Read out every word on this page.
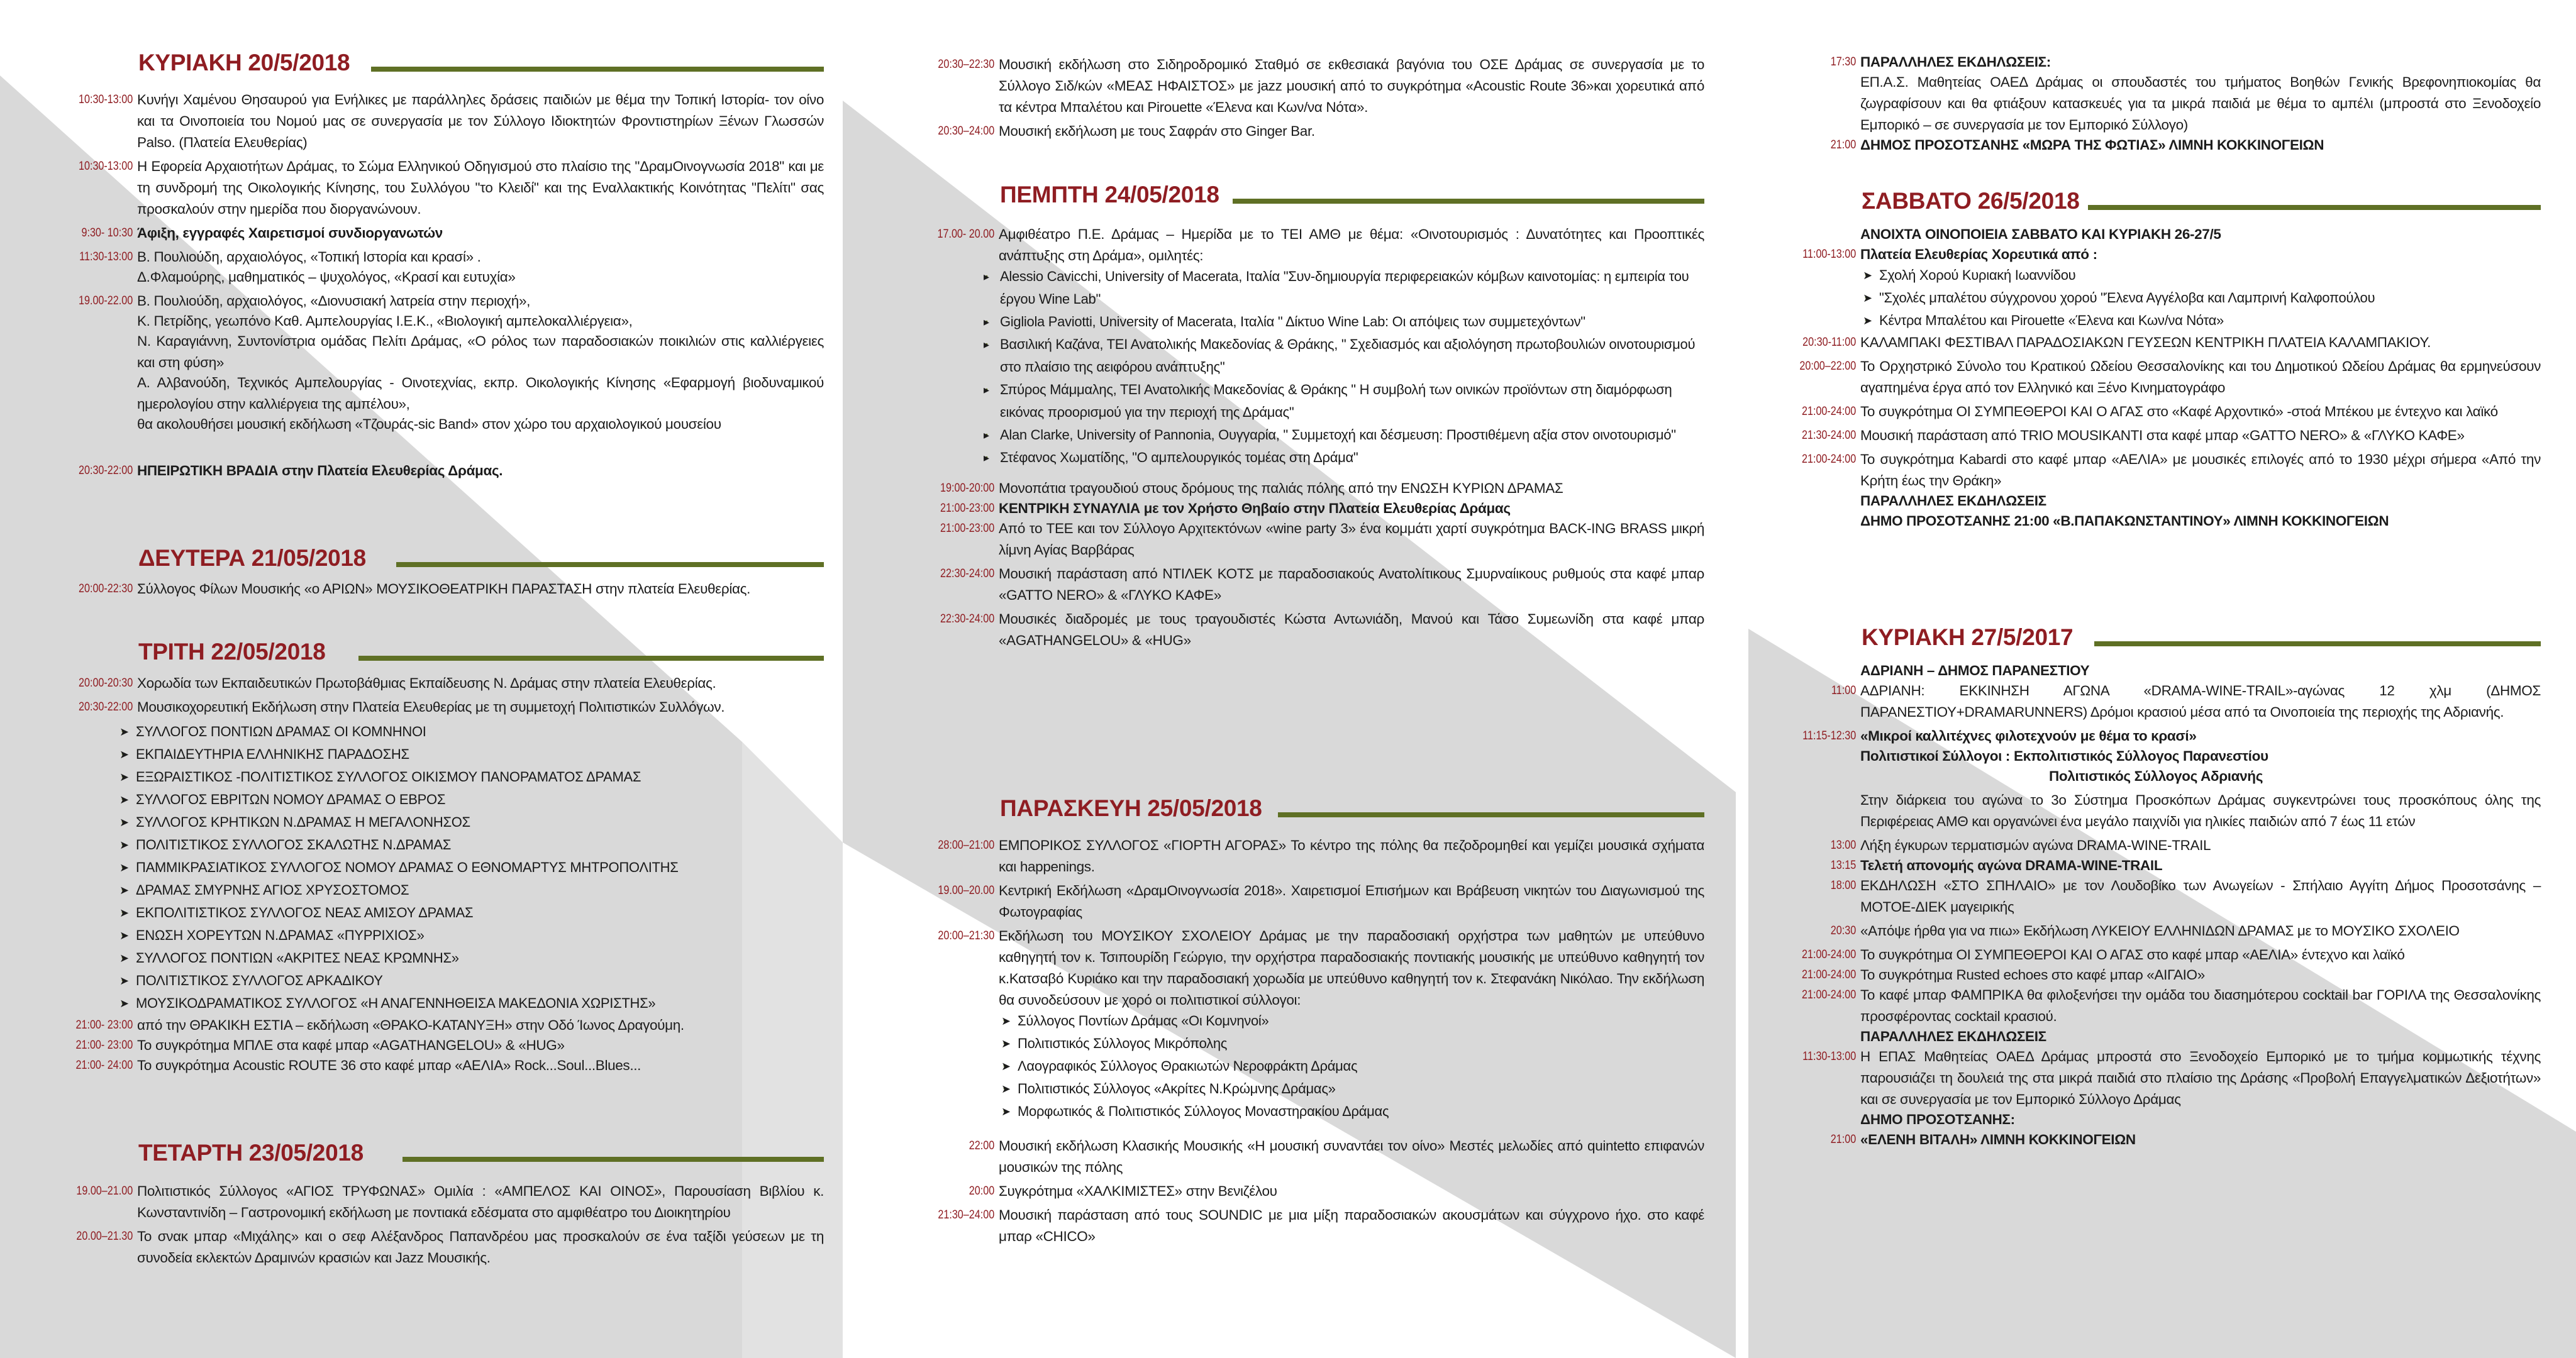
ΚΥΡΙΑΚΗ 20/5/2018
10:30-13:00 Κυνήγι Χαμένου Θησαυρού για Ενήλικες με παράλληλες δράσεις παιδιών με θέμα την Τοπική Ιστορία- τον οίνο και τα Οινοποιεία του Νομού μας σε συνεργασία με τον Σύλλογο Ιδιοκτητών Φροντιστηρίων Ξένων Γλωσσών Palso. (Πλατεία Ελευθερίας)
10:30-13:00 Η Εφορεία Αρχαιοτήτων Δράμας, το Σώμα Ελληνικού Οδηγισμού στο πλαίσιο της "ΔραμΟινογνωσία 2018" και με τη συνδρομή της Οικολογικής Κίνησης, του Συλλόγου "το Κλειδί" και της Εναλλακτικής Κοινότητας "Πελίτι" σας προσκαλούν στην ημερίδα που διοργανώνουν.
9:30- 10:30 Άφιξη, εγγραφές Χαιρετισμοί συνδιοργανωτών
11:30-13:00 Β. Πουλιούδη, αρχαιολόγος, «Τοπική Ιστορία και κρασί» .
Δ.Φλαμούρης, μαθηματικός – ψυχολόγος, «Κρασί και ευτυχία»
19.00-22.00 Β. Πουλιούδη, αρχαιολόγος, «Διονυσιακή λατρεία στην περιοχή»,
Κ. Πετρίδης, γεωπόνο Καθ. Αμπελουργίας Ι.Ε.Κ., «Βιολογική αμπελοκαλλιέργεια»,
Ν. Καραγιάννη, Συντονίστρια ομάδας Πελίτι Δράμας, «Ο ρόλος των παραδοσιακών ποικιλιών στις καλλιέργειες και στη φύση»
Α. Αλβανούδη, Τεχνικός Αμπελουργίας - Οινοτεχνίας, εκπρ. Οικολογικής Κίνησης «Εφαρμογή βιοδυναμικού ημερολογίου στην καλλιέργεια της αμπέλου»,
θα ακολουθήσει μουσική εκδήλωση «Τζουράς-sic Band» στον χώρο του αρχαιολογικού μουσείου
20:30-22:00 ΗΠΕΙΡΩΤΙΚΗ ΒΡΑΔΙΑ στην Πλατεία Ελευθερίας Δράμας.
ΔΕΥΤΕΡΑ 21/05/2018
20:00-22:30 Σύλλογος Φίλων Μουσικής «ο ΑΡΙΩΝ» ΜΟΥΣΙΚΟΘΕΑΤΡΙΚΗ ΠΑΡΑΣΤΑΣΗ στην πλατεία Ελευθερίας.
ΤΡΙΤΗ 22/05/2018
20:00-20:30 Χορωδία των Εκπαιδευτικών Πρωτοβάθμιας Εκπαίδευσης Ν. Δράμας στην πλατεία Ελευθερίας.
20:30-22:00 Μουσικοχορευτική Εκδήλωση στην Πλατεία Ελευθερίας με τη συμμετοχή Πολιτιστικών Συλλόγων.
⸱ ➤ ΣΥΛΛΟΓΟΣ ΠΟΝΤΙΩΝ ΔΡΑΜΑΣ ΟΙ ΚΟΜΝΗΝΟΙ
⸱ ➤ ΕΚΠΑΙΔΕΥΤΗΡΙΑ ΕΛΛΗΝΙΚΗΣ ΠΑΡΑΔΟΣΗΣ
⸱ ➤ ΕΞΩΡΑΙΣΤΙΚΟΣ -ΠΟΛΙΤΙΣΤΙΚΟΣ ΣΥΛΛΟΓΟΣ ΟΙΚΙΣΜΟΥ ΠΑΝΟΡΑΜΑΤΟΣ ΔΡΑΜΑΣ
⸱ ➤ ΣΥΛΛΟΓΟΣ ΕΒΡΙΤΩΝ ΝΟΜΟΥ ΔΡΑΜΑΣ Ο ΕΒΡΟΣ
⸱ ➤ ΣΥΛΛΟΓΟΣ ΚΡΗΤΙΚΩΝ Ν.ΔΡΑΜΑΣ Η ΜΕΓΑΛΟΝΗΣΟΣ
⸱ ➤ ΠΟΛΙΤΙΣΤΙΚΟΣ ΣΥΛΛΟΓΟΣ ΣΚΑΛΩΤΗΣ Ν.ΔΡΑΜΑΣ
⸱ ➤ ΠΑΜΜΙΚΡΑΣΙΑΤΙΚΟΣ ΣΥΛΛΟΓΟΣ ΝΟΜΟΥ ΔΡΑΜΑΣ Ο ΕΘΝΟΜΑΡΤΥΣ ΜΗΤΡΟΠΟΛΙΤΗΣ
⸱ ➤ ΔΡΑΜΑΣ ΣΜΥΡΝΗΣ ΑΓΙΟΣ ΧΡΥΣΟΣΤΟΜΟΣ
⸱ ➤ ΕΚΠΟΛΙΤΙΣΤΙΚΟΣ ΣΥΛΛΟΓΟΣ ΝΕΑΣ ΑΜΙΣΟΥ ΔΡΑΜΑΣ
⸱ ➤ ΕΝΩΣΗ ΧΟΡΕΥΤΩΝ Ν.ΔΡΑΜΑΣ «ΠΥΡΡΙΧΙΟΣ»
⸱ ➤ ΣΥΛΛΟΓΟΣ ΠΟΝΤΙΩΝ «ΑΚΡΙΤΕΣ ΝΕΑΣ ΚΡΩΜΝΗΣ»
⸱ ➤ ΠΟΛΙΤΙΣΤΙΚΟΣ ΣΥΛΛΟΓΟΣ ΑΡΚΑΔΙΚΟΥ
⸱ ➤ ΜΟΥΣΙΚΟΔΡΑΜΑΤΙΚΟΣ ΣΥΛΛΟΓΟΣ «Η ΑΝΑΓΕΝΝΗΘΕΙΣΑ ΜΑΚΕΔΟΝΙΑ ΧΩΡΙΣΤΗΣ»
21:00- 23:00 από την ΘΡΑΚΙΚΗ ΕΣΤΙΑ – εκδήλωση «ΘΡΑΚΟ-ΚΑΤΑΝΥΞΗ» στην Οδό Ίωνος Δραγούμη.
21:00- 23:00 Το συγκρότημα ΜΠΛΕ στα καφέ μπαρ «AGATHANGELOU» & «HUG»
21:00- 24:00 Το συγκρότημα Acoustic ROUTE 36 στο καφέ μπαρ «ΑΕΛΙΑ» Rock...Soul...Blues...
ΤΕΤΑΡΤΗ 23/05/2018
19.00–21.00 Πολιτιστικός Σύλλογος «ΑΓΙΟΣ ΤΡΥΦΩΝΑΣ» Ομιλία : «ΑΜΠΕΛΟΣ ΚΑΙ ΟΙΝΟΣ», Παρουσίαση Βιβλίου κ. Κωνσταντινίδη – Γαστρονομική εκδήλωση με ποντιακά εδέσματα στο αμφιθέατρο του Διοικητηρίου
20.00–21.30 Το σνακ μπαρ «Μιχάλης» και ο σεφ Αλέξανδρος Παπανδρέου μας προσκαλούν σε ένα ταξίδι γεύσεων με τη συνοδεία εκλεκτών Δραμινών κρασιών και Jazz Μουσικής.
20:30–22:30 Μουσική εκδήλωση στο Σιδηροδρομικό Σταθμό σε εκθεσιακά βαγόνια του ΟΣΕ Δράμας σε συνεργασία με το Σύλλογο Σιδ/κών «ΜΕΑΣ ΗΦΑΙΣΤΟΣ» με jazz μουσική από το συγκρότημα «Acoustic Route 36»και χορευτικά από τα κέντρα Μπαλέτου και Pirouette «Έλενα και Κων/να Νότα».
20:30–24:00 Μουσική εκδήλωση με τους Σαφράν στο Ginger Bar.
ΠΕΜΠΤΗ 24/05/2018
17.00- 20.00 Αμφιθέατρο Π.Ε. Δράμας – Ημερίδα με το ΤΕΙ ΑΜΘ με θέμα: «Οινοτουρισμός : Δυνατότητες και Προοπτικές ανάπτυξης στη Δράμα», ομιλητές:
⸱ ▸ Alessio Cavicchi, University of Macerata, Ιταλία "Συν-δημιουργία περιφερειακών κόμβων καινοτομίας: η εμπειρία του έργου Wine Lab"
⸱ ▸ Gigliola Paviotti, University of Macerata, Ιταλία " Δίκτυο Wine Lab: Οι απόψεις των συμμετεχόντων"
⸱ ▸ Βασιλική Καζάνα, ΤΕΙ Ανατολικής Μακεδονίας & Θράκης, " Σχεδιασμός και αξιολόγηση πρωτοβουλιών οινοτουρισμού στο πλαίσιο της αειφόρου ανάπτυξης"
⸱ ▸ Σπύρος Μάμμαλης, ΤΕΙ Ανατολικής Μακεδονίας & Θράκης " Η συμβολή των οινικών προϊόντων στη διαμόρφωση εικόνας προορισμού για την περιοχή της Δράμας"
⸱ ▸ Alan Clarke, University of Pannonia, Ουγγαρία, " Συμμετοχή και δέσμευση: Προστιθέμενη αξία στον οινοτουρισμό"
⸱ ▸ Στέφανος Χωματίδης, "Ο αμπελουργικός τομέας στη Δράμα"
19:00-20:00 Μονοπάτια τραγουδιού στους δρόμους της παλιάς πόλης από την ΕΝΩΣΗ ΚΥΡΙΩΝ ΔΡΑΜΑΣ
21:00-23:00 ΚΕΝΤΡΙΚΗ ΣΥΝΑΥΛΙΑ με τον Χρήστο Θηβαίο στην Πλατεία Ελευθερίας Δράμας
21:00-23:00 Από το ΤΕΕ και τον Σύλλογο Αρχιτεκτόνων «wine party 3» ένα κομμάτι χαρτί συγκρότημα BACK-ING BRASS μικρή λίμνη Αγίας Βαρβάρας
22:30-24:00 Μουσική παράσταση από ΝΤΙΛΕΚ ΚΟΤΣ με παραδοσιακούς Ανατολίτικους Σμυρναίικους ρυθμούς στα καφέ μπαρ «GATTO NERO» & «ΓΛΥΚΟ ΚΑΦΕ»
22:30-24:00 Μουσικές διαδρομές με τους τραγουδιστές Κώστα Αντωνιάδη, Μανού και Τάσο Συμεωνίδη στα καφέ μπαρ «AGATHANGELOU» & «HUG»
ΠΑΡΑΣΚΕΥΗ 25/05/2018
28:00–21:00 ΕΜΠΟΡΙΚΟΣ ΣΥΛΛΟΓΟΣ «ΓΙΟΡΤΗ ΑΓΟΡΑΣ» Το κέντρο της πόλης θα πεζοδρομηθεί και γεμίζει μουσικά σχήματα και happenings.
19.00–20.00 Κεντρική Εκδήλωση «ΔραμΟινογνωσία 2018». Χαιρετισμοί Επισήμων και Βράβευση νικητών του Διαγωνισμού της Φωτογραφίας
20:00–21:30 Εκδήλωση του ΜΟΥΣΙΚΟΥ ΣΧΟΛΕΙΟΥ Δράμας με την παραδοσιακή ορχήστρα των μαθητών με υπεύθυνο καθηγητή τον κ. Τσιπουρίδη Γεώργιο, την ορχήστρα παραδοσιακής ποντιακής μουσικής με υπεύθυνο καθηγητή τον κ.Κατσαβό Κυριάκο και την παραδοσιακή χορωδία με υπεύθυνο καθηγητή τον κ. Στεφανάκη Νικόλαο. Την εκδήλωση θα συνοδεύσουν με χορό οι πολιτιστικοί σύλλογοι:
⸱ ➤ Σύλλογος Ποντίων Δράμας «Οι Κομνηνοί»
⸱ ➤ Πολιτιστικός Σύλλογος Μικρόπολης
⸱ ➤ Λαογραφικός Σύλλογος Θρακιωτών Νεροφράκτη Δράμας
⸱ ➤ Πολιτιστικός Σύλλογος «Ακρίτες Ν.Κρώμνης Δράμας»
⸱ ➤ Μορφωτικός & Πολιτιστικός Σύλλογος Μοναστηρακίου Δράμας
22:00 Μουσική εκδήλωση Κλασικής Μουσικής «Η μουσική συναντάει τον οίνο» Μεστές μελωδίες από quintetto επιφανών μουσικών της πόλης
20:00 Συγκρότημα «ΧΑΛΚΙΜΙΣΤΕΣ» στην Βενιζέλου
21:30–24:00 Μουσική παράσταση από τους SOUNDIC με μια μίξη παραδοσιακών ακουσμάτων και σύγχρονο ήχο. στο καφέ μπαρ «CHICO»
17:30 ΠΑΡΑΛΛΗΛΕΣ ΕΚΔΗΛΩΣΕΙΣ:
ΕΠ.Α.Σ. Μαθητείας ΟΑΕΔ Δράμας οι σπουδαστές του τμήματος Βοηθών Γενικής Βρεφονηπιοκομίας θα ζωγραφίσουν και θα φτιάξουν κατασκευές για τα μικρά παιδιά με θέμα το αμπέλι (μπροστά στο Ξενοδοχείο Εμπορικό – σε συνεργασία με τον Εμπορικό Σύλλογο)
21:00 ΔΗΜΟΣ ΠΡΟΣΟΤΣΑΝΗΣ «ΜΩΡΑ ΤΗΣ ΦΩΤΙΑΣ» ΛΙΜΝΗ ΚΟΚΚΙΝΟΓΕΙΩΝ
ΣΑΒΒΑΤΟ 26/5/2018
ΑΝΟΙΧΤΑ ΟΙΝΟΠΟΙΕΙΑ ΣΑΒΒΑΤΟ ΚΑΙ ΚΥΡΙΑΚΗ 26-27/5
11:00-13:00 Πλατεία Ελευθερίας Χορευτικά από :
⸱ ➤ Σχολή Χορού Κυριακή Ιωαννίδου
⸱ ➤ "Σχολές μπαλέτου σύγχρονου χορού "Έλενα Αγγέλοβα και Λαμπρινή Καλφοπούλου
⸱ ➤ Κέντρα Μπαλέτου και Pirouette «Έλενα και Κων/να Νότα»
20:30-11:00 ΚΑΛΑΜΠΑΚΙ ΦΕΣΤΙΒΑΛ ΠΑΡΑΔΟΣΙΑΚΩΝ ΓΕΥΣΕΩΝ ΚΕΝΤΡΙΚΗ ΠΛΑΤΕΙΑ ΚΑΛΑΜΠΑΚΙΟΥ.
20:00–22:00 Το Ορχηστρικό Σύνολο του Κρατικού Ωδείου Θεσσαλονίκης και του Δημοτικού Ωδείου Δράμας θα ερμηνεύσουν αγαπημένα έργα από τον Ελληνικό και Ξένο Κινηματογράφο
21:00-24:00 Το συγκρότημα ΟΙ ΣΥΜΠΕΘΕΡΟΙ ΚΑΙ Ο ΑΓΑΣ στο «Καφέ Αρχοντικό» -στοά Μπέκου με έντεχνο και λαϊκό
21:30-24:00 Μουσική παράσταση από TRIO MOUSIKANTI στα καφέ μπαρ «GATTO NERO» & «ΓΛΥΚΟ ΚΑΦΕ»
21:00-24:00 Το συγκρότημα Kabardi στο καφέ μπαρ «ΑΕΛΙΑ» με μουσικές επιλογές από το 1930 μέχρι σήμερα «Από την Κρήτη έως την Θράκη»
ΠΑΡΑΛΛΗΛΕΣ ΕΚΔΗΛΩΣΕΙΣ
ΔΗΜΟ ΠΡΟΣΟΤΣΑΝΗΣ 21:00 «Β.ΠΑΠΑΚΩΝΣΤΑΝΤΙΝΟΥ» ΛΙΜΝΗ ΚΟΚΚΙΝΟΓΕΙΩΝ
ΚΥΡΙΑΚΗ 27/5/2017
ΑΔΡΙΑΝΗ – ΔΗΜΟΣ ΠΑΡΑΝΕΣΤΙΟΥ
11:00 ΑΔΡΙΑΝΗ: ΕΚΚΙΝΗΣΗ ΑΓΩΝΑ «DRAMA-WINE-TRAIL»-αγώνας 12 χλμ (ΔΗΜΟΣ ΠΑΡΑΝΕΣΤΙΟΥ+DRAMARUNNERS) Δρόμοι κρασιού μέσα από τα Οινοποιεία της περιοχής της Αδριανής.
11:15-12:30 «Μικροί καλλιτέχνες φιλοτεχνούν με θέμα το κρασί»
Πολιτιστικοί Σύλλογοι : Εκπολιτιστικός Σύλλογος Παρανεστίου
Πολιτιστικός Σύλλογος Αδριανής
Στην διάρκεια του αγώνα το 3ο Σύστημα Προσκόπων Δράμας συγκεντρώνει τους προσκόπους όλης της Περιφέρειας ΑΜΘ και οργανώνει ένα μεγάλο παιχνίδι για ηλικίες παιδιών από 7 έως 11 ετών
13:00 Λήξη έγκυρων τερματισμών αγώνα DRAMA-WINE-TRAIL
13:15 Τελετή απονομής αγώνα DRAMA-WINE-TRAIL
18:00 ΕΚΔΗΛΩΣΗ «ΣΤΟ ΣΠΗΛΑΙΟ» με τον Λουδοβίκο των Ανωγείων - Σπήλαιο Αγγίτη Δήμος Προσοτσάνης –ΜΟΤΟΕ-ΔΙΕΚ μαγειρικής
20:30 «Απόψε ήρθα για να πιω» Εκδήλωση ΛΥΚΕΙΟΥ ΕΛΛΗΝΙΔΩΝ ΔΡΑΜΑΣ με το ΜΟΥΣΙΚΟ ΣΧΟΛΕΙΟ
21:00-24:00 Το συγκρότημα ΟΙ ΣΥΜΠΕΘΕΡΟΙ ΚΑΙ Ο ΑΓΑΣ στο καφέ μπαρ «ΑΕΛΙΑ» έντεχνο και λαϊκό
21:00-24:00 Το συγκρότημα Rusted echoes στο καφέ μπαρ «ΑΙΓΑΙΟ»
21:00-24:00 Το καφέ μπαρ ΦΑΜΠΡΙΚΑ θα φιλοξενήσει την ομάδα του διασημότερου cocktail bar ΓΟΡΙΛΑ της Θεσσαλονίκης προσφέροντας cocktail κρασιού.
ΠΑΡΑΛΛΗΛΕΣ ΕΚΔΗΛΩΣΕΙΣ
11:30-13:00 Η ΕΠΑΣ Μαθητείας ΟΑΕΔ Δράμας μπροστά στο Ξενοδοχείο Εμπορικό με το τμήμα κομμωτικής τέχνης παρουσιάζει τη δουλειά της στα μικρά παιδιά στο πλαίσιο της Δράσης «Προβολή Επαγγελματικών Δεξιοτήτων» και σε συνεργασία με τον Εμπορικό Σύλλογο Δράμας
ΔΗΜΟ ΠΡΟΣΟΤΣΑΝΗΣ:
21:00 «ΕΛΕΝΗ ΒΙΤΑΛΗ» ΛΙΜΝΗ ΚΟΚΚΙΝΟΓΕΙΩΝ
